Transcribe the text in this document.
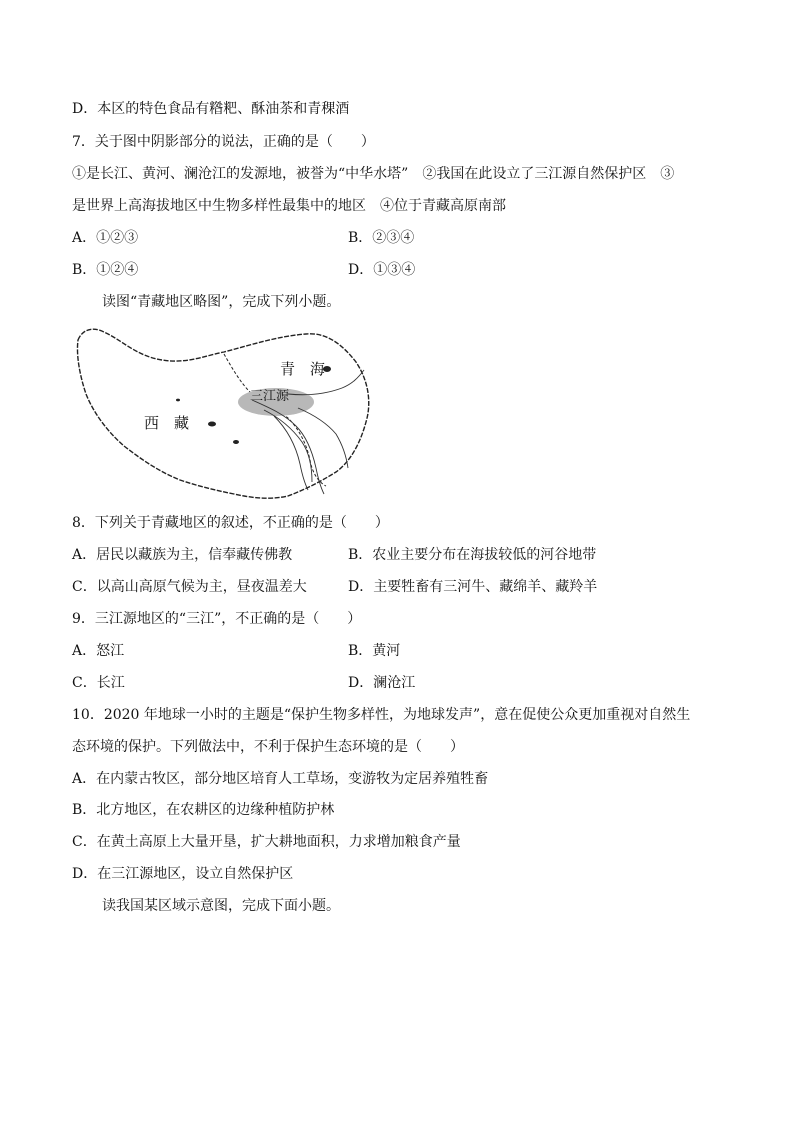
D．本区的特色食品有糌粑、酥油茶和青稞酒
7．关于图中阴影部分的说法，正确的是（　　）
①是长江、黄河、澜沧江的发源地，被誉为“中华水塔”　②我国在此设立了三江源自然保护区　③
是世界上高海拔地区中生物多样性最集中的地区　④位于青藏高原南部
A．①②③	B．②③④
B．①②④	D．①③④
读图“青藏地区略图”，完成下列小题。
青　海
三江源
西　藏
8．下列关于青藏地区的叙述，不正确的是（　　）
A．居民以藏族为主，信奉藏传佛教	B．农业主要分布在海拔较低的河谷地带
C．以高山高原气候为主，昼夜温差大	D．主要牲畜有三河牛、藏绵羊、藏羚羊
9．三江源地区的“三江”，不正确的是（　　）
A．怒江	B．黄河
C．长江	D．澜沧江
10．2020 年地球一小时的主题是“保护生物多样性，为地球发声”，意在促使公众更加重视对自然生
态环境的保护。下列做法中，不利于保护生态环境的是（　　）
A．在内蒙古牧区，部分地区培育人工草场，变游牧为定居养殖牲畜
B．北方地区，在农耕区的边缘种植防护林
C．在黄土高原上大量开垦，扩大耕地面积，力求增加粮食产量
D．在三江源地区，设立自然保护区
读我国某区域示意图，完成下面小题。
